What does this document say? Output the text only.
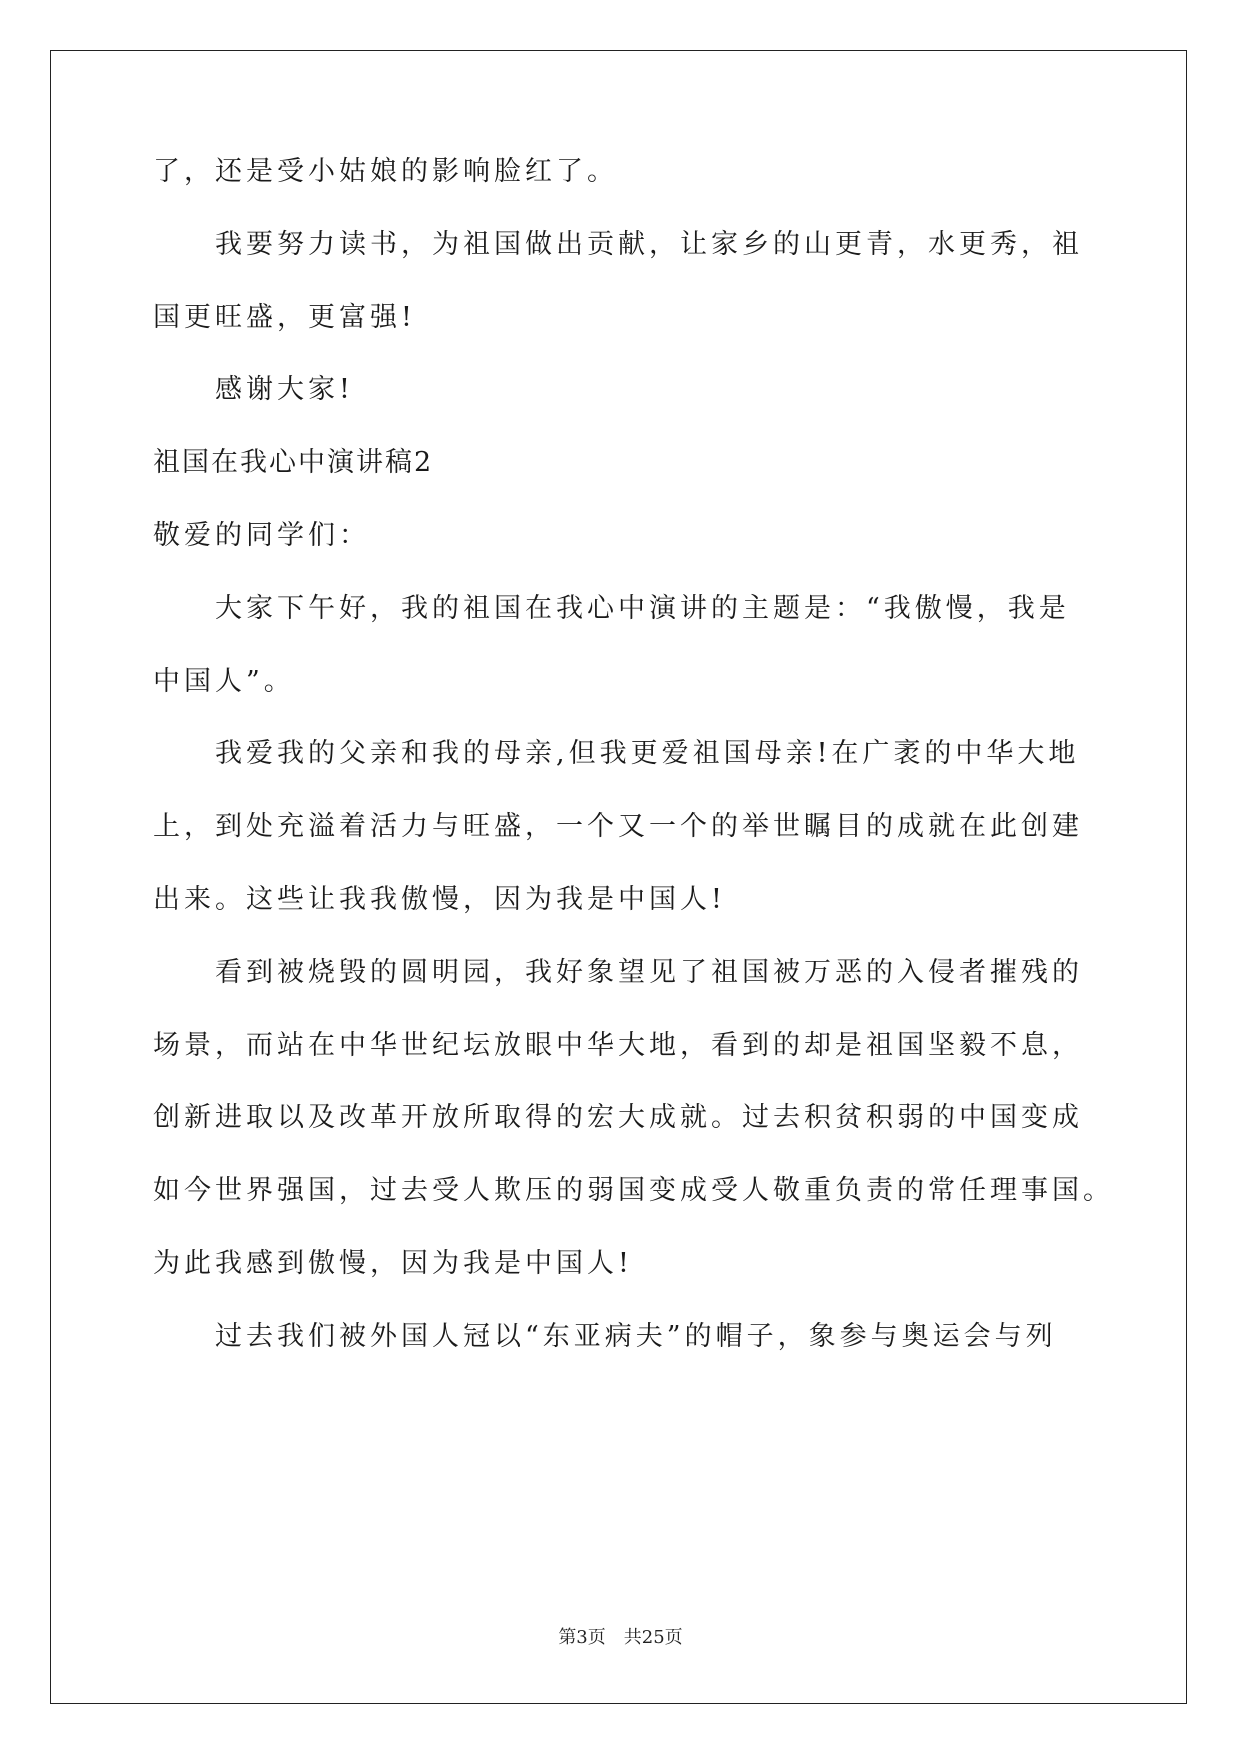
了，还是受小姑娘的影响脸红了。
我要努力读书，为祖国做出贡献，让家乡的山更青，水更秀，祖
国更旺盛，更富强!
感谢大家!
祖国在我心中演讲稿2
敬爱的同学们：
大家下午好，我的祖国在我心中演讲的主题是：“我傲慢，我是
中国人”。
我爱我的父亲和我的母亲,但我更爱祖国母亲!在广袤的中华大地
上，到处充溢着活力与旺盛，一个又一个的举世瞩目的成就在此创建
出来。这些让我我傲慢，因为我是中国人!
看到被烧毁的圆明园，我好象望见了祖国被万恶的入侵者摧残的
场景，而站在中华世纪坛放眼中华大地，看到的却是祖国坚毅不息，
创新进取以及改革开放所取得的宏大成就。过去积贫积弱的中国变成
如今世界强国，过去受人欺压的弱国变成受人敬重负责的常任理事国。
为此我感到傲慢，因为我是中国人!
过去我们被外国人冠以“东亚病夫”的帽子，象参与奥运会与列
第3页 共25页
